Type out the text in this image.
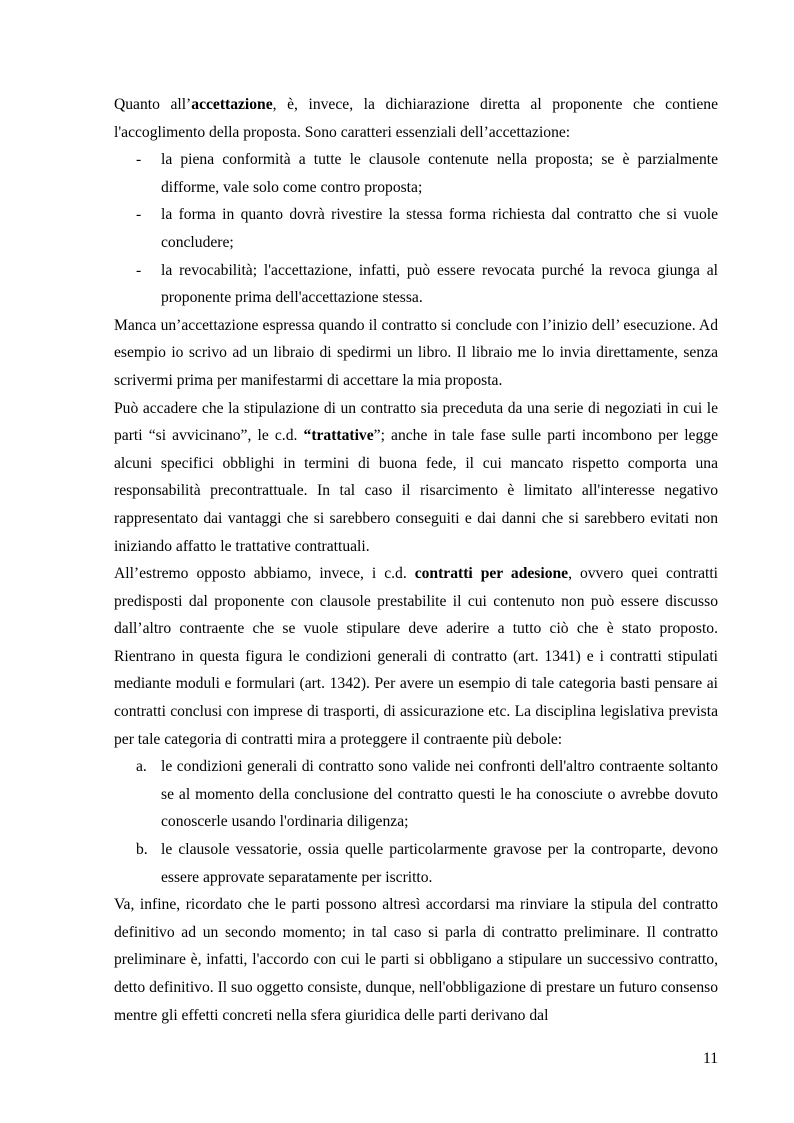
Quanto all’accettazione, è, invece, la dichiarazione diretta al proponente che contiene l'accoglimento della proposta. Sono caratteri essenziali dell’accettazione:

- la piena conformità a tutte le clausole contenute nella proposta; se è parzialmente difforme, vale solo come contro proposta;
- la forma in quanto dovrà rivestire la stessa forma richiesta dal contratto che si vuole concludere;
- la revocabilità; l'accettazione, infatti, può essere revocata purché la revoca giunga al proponente prima dell'accettazione stessa.

Manca un’accettazione espressa quando il contratto si conclude con l’inizio dell’ esecuzione. Ad esempio io scrivo ad un libraio di spedirmi un libro. Il libraio me lo invia direttamente, senza scrivermi prima per manifestarmi di accettare la mia proposta.

Può accadere che la stipulazione di un contratto sia preceduta da una serie di negoziati in cui le parti “si avvicinano”, le c.d. “trattative”; anche in tale fase sulle parti incombono per legge alcuni specifici obblighi in termini di buona fede, il cui mancato rispetto comporta una responsabilità precontrattuale. In tal caso il risarcimento è limitato all'interesse negativo rappresentato dai vantaggi che si sarebbero conseguiti e dai danni che si sarebbero evitati non iniziando affatto le trattative contrattuali.

All’estremo opposto abbiamo, invece, i c.d. contratti per adesione, ovvero quei contratti predisposti dal proponente con clausole prestabilite il cui contenuto non può essere discusso dall’altro contraente che se vuole stipulare deve aderire a tutto ciò che è stato proposto. Rientrano in questa figura le condizioni generali di contratto (art. 1341) e i contratti stipulati mediante moduli e formulari (art. 1342). Per avere un esempio di tale categoria basti pensare ai contratti conclusi con imprese di trasporti, di assicurazione etc. La disciplina legislativa prevista per tale categoria di contratti mira a proteggere il contraente più debole:

a. le condizioni generali di contratto sono valide nei confronti dell'altro contraente soltanto se al momento della conclusione del contratto questi le ha conosciute o avrebbe dovuto conoscerle usando l'ordinaria diligenza;
b. le clausole vessatorie, ossia quelle particolarmente gravose per la controparte, devono essere approvate separatamente per iscritto.

Va, infine, ricordato che le parti possono altresì accordarsi ma rinviare la stipula del contratto definitivo ad un secondo momento; in tal caso si parla di contratto preliminare. Il contratto preliminare è, infatti, l'accordo con cui le parti si obbligano a stipulare un successivo contratto, detto definitivo. Il suo oggetto consiste, dunque, nell'obbligazione di prestare un futuro consenso mentre gli effetti concreti nella sfera giuridica delle parti derivano dal

11
